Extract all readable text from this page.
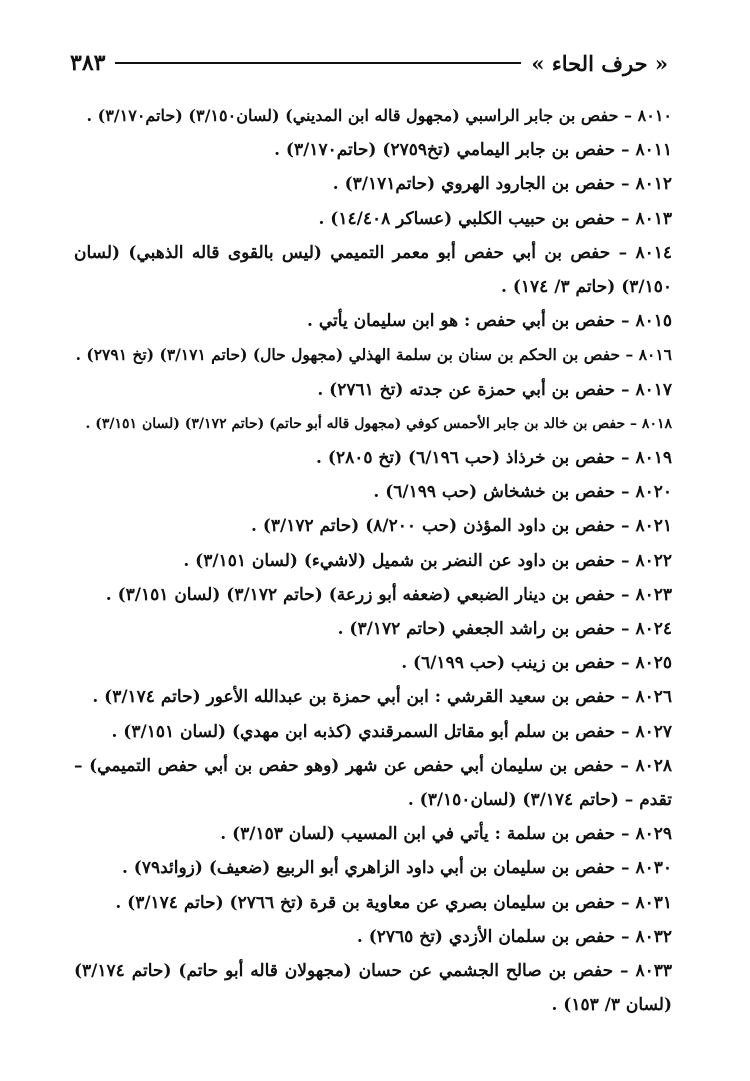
« حرف الحاء »
٣٨٣
٨٠١٠ – حفص بن جابر الراسبي (مجهول قاله ابن المديني) (لسان٣/١٥٠) (حاتم٣/١٧٠) .
٨٠١١ – حفص بن جابر اليمامي (تخ٢٧٥٩) (حاتم٣/١٧٠) .
٨٠١٢ – حفص بن الجارود الهروي (حاتم٣/١٧١) .
٨٠١٣ – حفص بن حبيب الكلبي (عساكر ١٤/٤٠٨) .
٨٠١٤ – حفص بن أبي حفص أبو معمر التميمي (ليس بالقوى قاله الذهبي) (لسان ٣/١٥٠) (حاتم ٣/ ١٧٤) .
٨٠١٥ – حفص بن أبي حفص : هو ابن سليمان يأتي .
٨٠١٦ – حفص بن الحكم بن سنان بن سلمة الهذلي (مجهول حال) (حاتم ٣/١٧١) (تخ ٢٧٩١) .
٨٠١٧ – حفص بن أبي حمزة عن جدته (تخ ٢٧٦١) .
٨٠١٨ – حفص بن خالد بن جابر الأحمس كوفي (مجهول قاله أبو حاتم) (حاتم ٣/١٧٢) (لسان ٣/١٥١) .
٨٠١٩ – حفص بن خرذاذ (حب ٦/١٩٦) (تخ ٢٨٠٥) .
٨٠٢٠ – حفص بن خشخاش (حب ٦/١٩٩) .
٨٠٢١ – حفص بن داود المؤذن (حب ٨/٢٠٠) (حاتم ٣/١٧٢) .
٨٠٢٢ – حفص بن داود عن النضر بن شميل (لاشيء) (لسان ٣/١٥١) .
٨٠٢٣ – حفص بن دينار الضبعي (ضعفه أبو زرعة) (حاتم ٣/١٧٢) (لسان ٣/١٥١) .
٨٠٢٤ – حفص بن راشد الجعفي (حاتم ٣/١٧٢) .
٨٠٢٥ – حفص بن زينب (حب ٦/١٩٩) .
٨٠٢٦ – حفص بن سعيد القرشي : ابن أبي حمزة بن عبدالله الأعور (حاتم ٣/١٧٤) .
٨٠٢٧ – حفص بن سلم أبو مقاتل السمرقندي (كذبه ابن مهدي) (لسان ٣/١٥١) .
٨٠٢٨ – حفص بن سليمان أبي حفص عن شهر (وهو حفص بن أبي حفص التميمي) – تقدم – (حاتم ٣/١٧٤) (لسان٣/١٥٠) .
٨٠٢٩ – حفص بن سلمة : يأتي في ابن المسيب (لسان ٣/١٥٣) .
٨٠٣٠ – حفص بن سليمان بن أبي داود الزاهري أبو الربيع (ضعيف) (زوائد٧٩) .
٨٠٣١ – حفص بن سليمان بصري عن معاوية بن قرة (تخ ٢٧٦٦) (حاتم ٣/١٧٤) .
٨٠٣٢ – حفص بن سلمان الأزدي (تخ ٢٧٦٥) .
٨٠٣٣ – حفص بن صالح الجشمي عن حسان (مجهولان قاله أبو حاتم) (حاتم ٣/١٧٤) (لسان ٣/ ١٥٣) .
